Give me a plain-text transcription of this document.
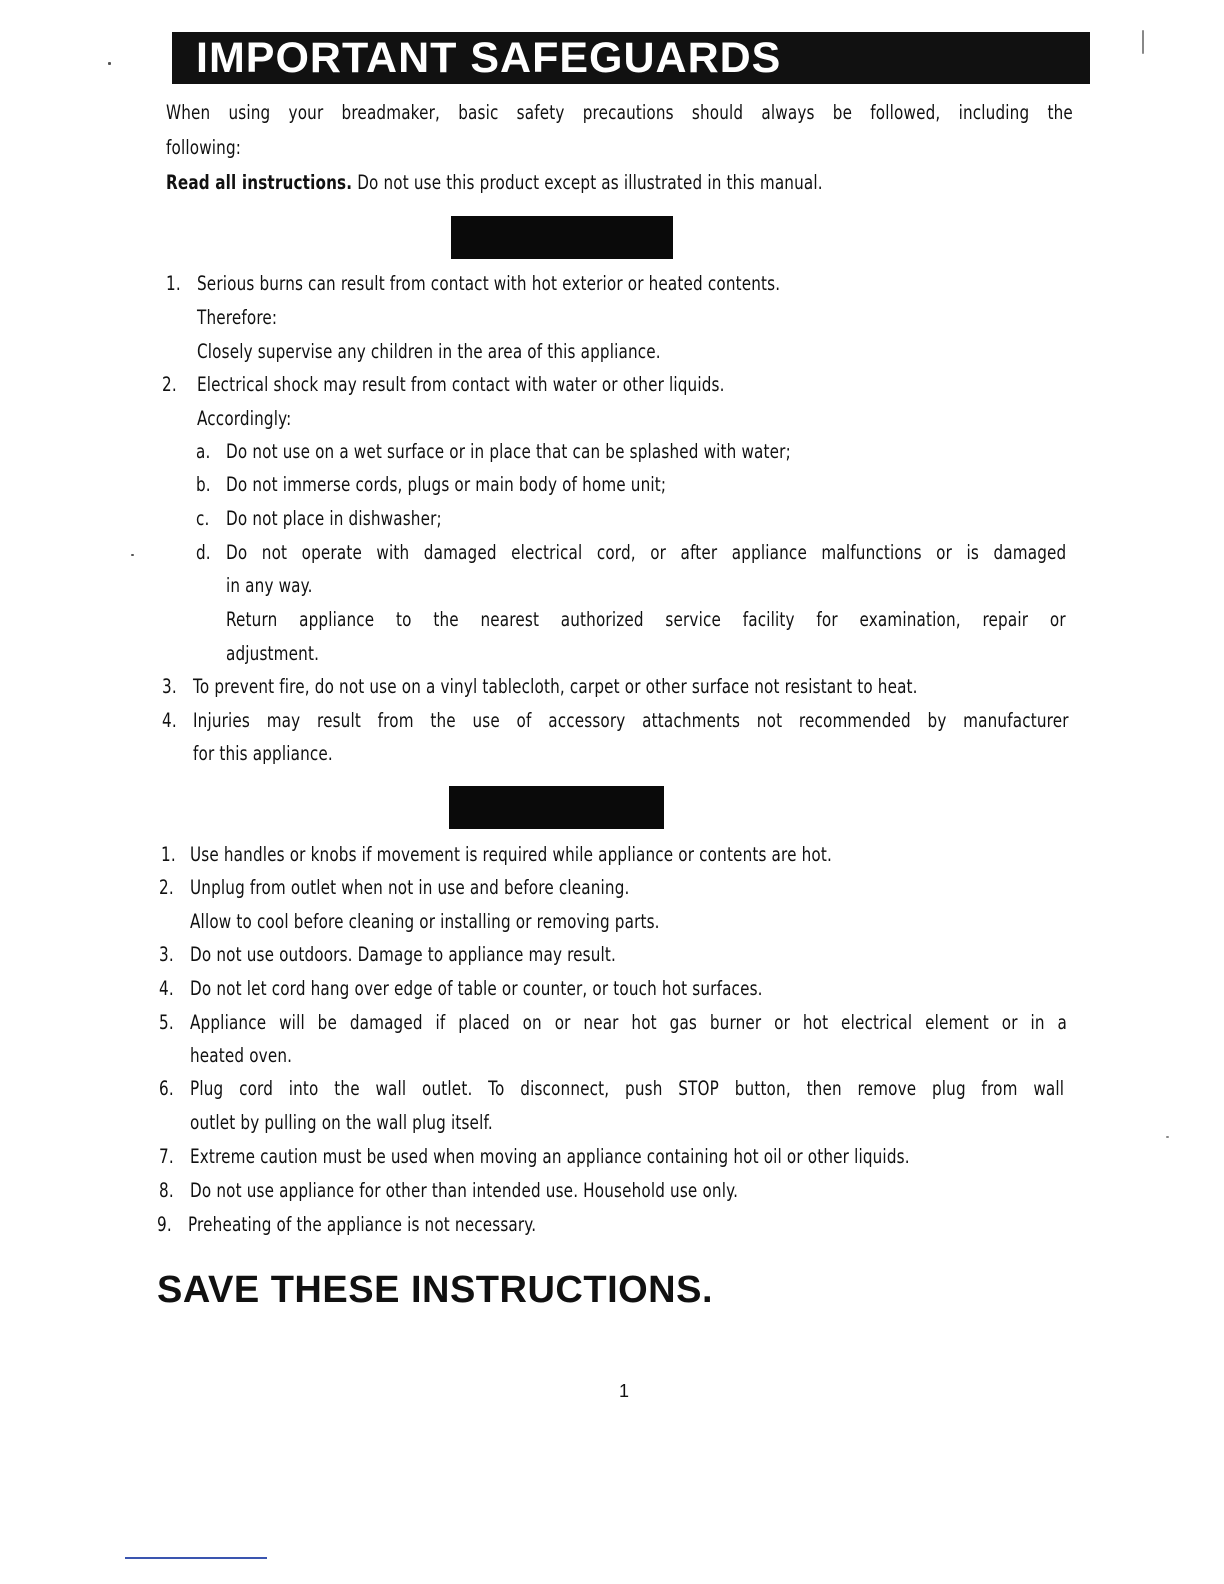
IMPORTANT SAFEGUARDS
When using your breadmaker, basic safety precautions should always be followed, including the
following:
Read all instructions. Do not use this product except as illustrated in this manual.
1. Serious burns can result from contact with hot exterior or heated contents.
Therefore:
Closely supervise any children in the area of this appliance.
2. Electrical shock may result from contact with water or other liquids.
Accordingly:
a. Do not use on a wet surface or in place that can be splashed with water;
b. Do not immerse cords, plugs or main body of home unit;
c. Do not place in dishwasher;
d. Do not operate with damaged electrical cord, or after appliance malfunctions or is damaged
in any way.
Return appliance to the nearest authorized service facility for examination, repair or
adjustment.
3. To prevent fire, do not use on a vinyl tablecloth, carpet or other surface not resistant to heat.
4. Injuries may result from the use of accessory attachments not recommended by manufacturer
for this appliance.
1. Use handles or knobs if movement is required while appliance or contents are hot.
2. Unplug from outlet when not in use and before cleaning.
Allow to cool before cleaning or installing or removing parts.
3. Do not use outdoors. Damage to appliance may result.
4. Do not let cord hang over edge of table or counter, or touch hot surfaces.
5. Appliance will be damaged if placed on or near hot gas burner or hot electrical element or in a
heated oven.
6. Plug cord into the wall outlet. To disconnect, push STOP button, then remove plug from wall
outlet by pulling on the wall plug itself.
7. Extreme caution must be used when moving an appliance containing hot oil or other liquids.
8. Do not use appliance for other than intended use. Household use only.
9. Preheating of the appliance is not necessary.
SAVE THESE INSTRUCTIONS.
1
